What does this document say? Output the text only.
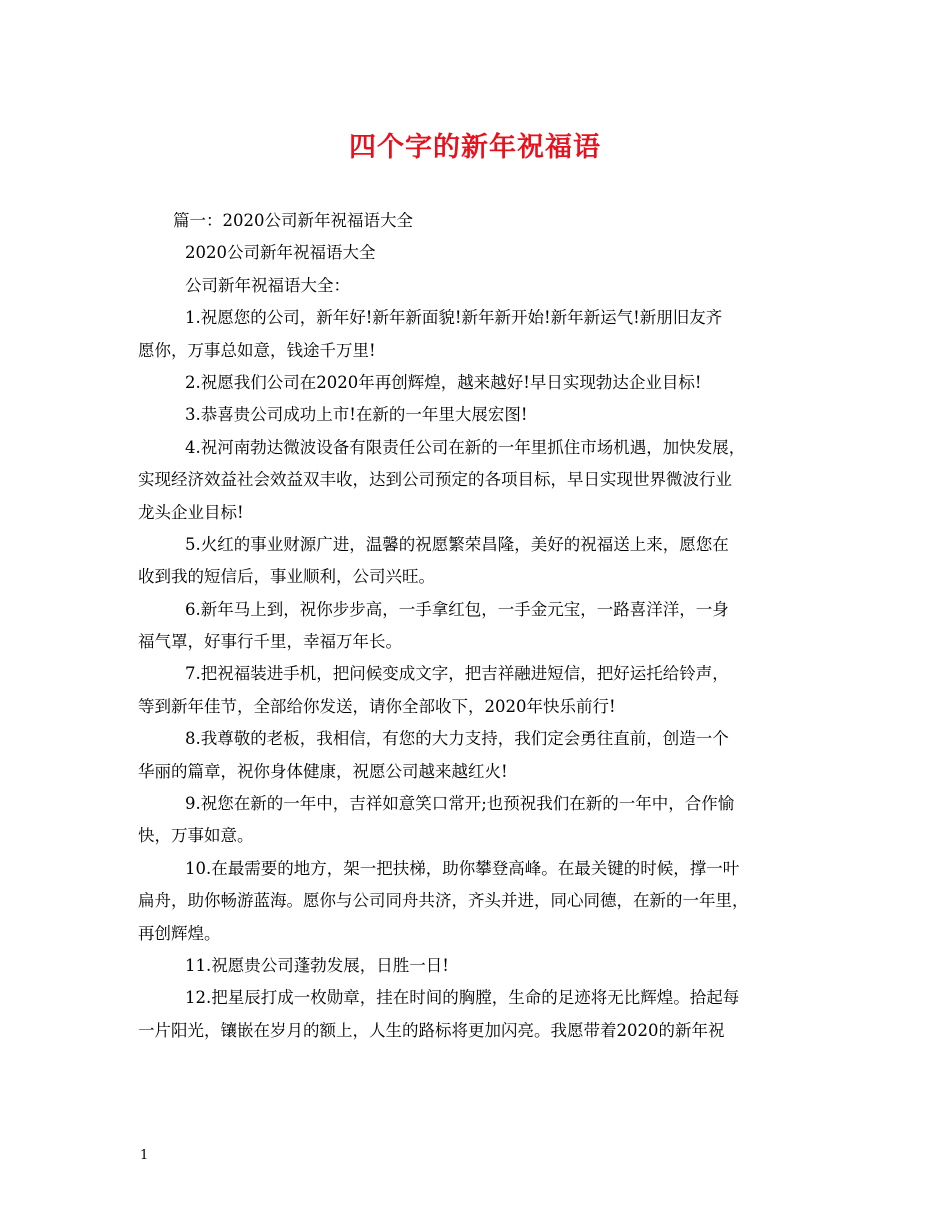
四个字的新年祝福语
篇一：2020公司新年祝福语大全
2020公司新年祝福语大全
公司新年祝福语大全：
1.祝愿您的公司，新年好!新年新面貌!新年新开始!新年新运气!新朋旧友齐
愿你，万事总如意，钱途千万里!
2.祝愿我们公司在2020年再创辉煌，越来越好!早日实现勃达企业目标!
3.恭喜贵公司成功上市!在新的一年里大展宏图!
4.祝河南勃达微波设备有限责任公司在新的一年里抓住市场机遇，加快发展，
实现经济效益社会效益双丰收，达到公司预定的各项目标，早日实现世界微波行业
龙头企业目标!
5.火红的事业财源广进，温馨的祝愿繁荣昌隆，美好的祝福送上来，愿您在
收到我的短信后，事业顺利，公司兴旺。
6.新年马上到，祝你步步高，一手拿红包，一手金元宝，一路喜洋洋，一身
福气罩，好事行千里，幸福万年长。
7.把祝福装进手机，把问候变成文字，把吉祥融进短信，把好运托给铃声，
等到新年佳节，全部给你发送，请你全部收下，2020年快乐前行!
8.我尊敬的老板，我相信，有您的大力支持，我们定会勇往直前，创造一个
华丽的篇章，祝你身体健康，祝愿公司越来越红火!
9.祝您在新的一年中，吉祥如意笑口常开;也预祝我们在新的一年中，合作愉
快，万事如意。
10.在最需要的地方，架一把扶梯，助你攀登高峰。在最关键的时候，撑一叶
扁舟，助你畅游蓝海。愿你与公司同舟共济，齐头并进，同心同德，在新的一年里，
再创辉煌。
11.祝愿贵公司蓬勃发展，日胜一日!
12.把星辰打成一枚勋章，挂在时间的胸膛，生命的足迹将无比辉煌。拾起每
一片阳光，镶嵌在岁月的额上，人生的路标将更加闪亮。我愿带着2020的新年祝
1
